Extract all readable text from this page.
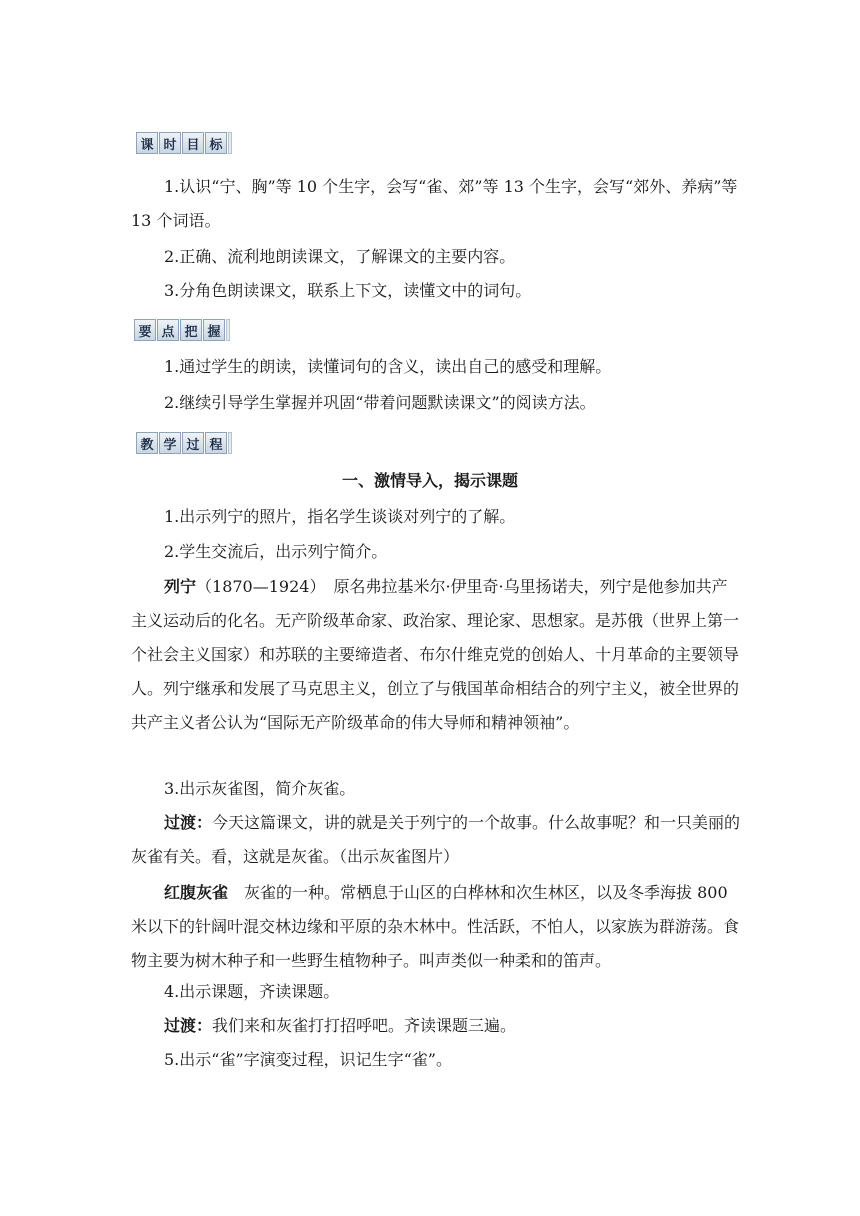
课 时 目 标

1.认识“宁、胸”等 10 个生字，会写“雀、郊”等 13 个生字，会写“郊外、养病”等 13 个词语。

2.正确、流利地朗读课文，了解课文的主要内容。

3.分角色朗读课文，联系上下文，读懂文中的词句。

要 点 把 握

1.通过学生的朗读，读懂词句的含义，读出自己的感受和理解。

2.继续引导学生掌握并巩固“带着问题默读课文”的阅读方法。

教 学 过 程

一、激情导入，揭示课题

1.出示列宁的照片，指名学生谈谈对列宁的了解。

2.学生交流后，出示列宁简介。

列宁（1870—1924）　原名弗拉基米尔·伊里奇·乌里扬诺夫，列宁是他参加共产主义运动后的化名。无产阶级革命家、政治家、理论家、思想家。是苏俄（世界上第一个社会主义国家）和苏联的主要缔造者、布尔什维克党的创始人、十月革命的主要领导人。列宁继承和发展了马克思主义，创立了与俄国革命相结合的列宁主义，被全世界的共产主义者公认为“国际无产阶级革命的伟大导师和精神领袖”。

3.出示灰雀图，简介灰雀。

过渡：今天这篇课文，讲的就是关于列宁的一个故事。什么故事呢？和一只美丽的灰雀有关。看，这就是灰雀。（出示灰雀图片）

红腹灰雀　灰雀的一种。常栖息于山区的白桦林和次生林区，以及冬季海拔 800 米以下的针阔叶混交林边缘和平原的杂木林中。性活跃，不怕人，以家族为群游荡。食物主要为树木种子和一些野生植物种子。叫声类似一种柔和的笛声。

4.出示课题，齐读课题。

过渡：我们来和灰雀打打招呼吧。齐读课题三遍。

5.出示“雀”字演变过程，识记生字“雀”。
